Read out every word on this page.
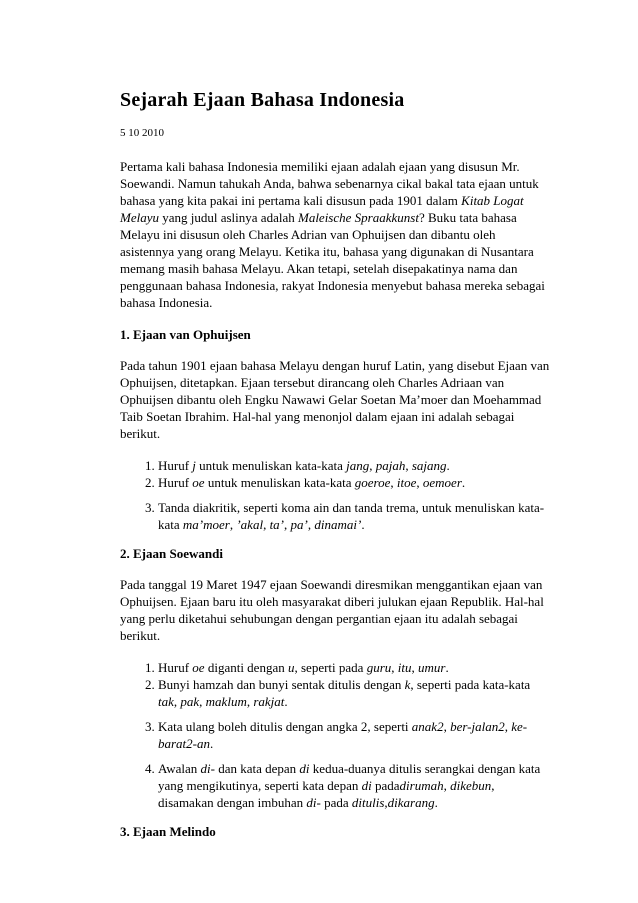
Sejarah Ejaan Bahasa Indonesia
5 10 2010

Pertama kali bahasa Indonesia memiliki ejaan adalah ejaan yang disusun Mr. Soewandi. Namun tahukah Anda, bahwa sebenarnya cikal bakal tata ejaan untuk bahasa yang kita pakai ini pertama kali disusun pada 1901 dalam Kitab Logat Melayu yang judul aslinya adalah Maleische Spraakkunst? Buku tata bahasa Melayu ini disusun oleh Charles Adrian van Ophuijsen dan dibantu oleh asistennya yang orang Melayu. Ketika itu, bahasa yang digunakan di Nusantara memang masih bahasa Melayu. Akan tetapi, setelah disepakatinya nama dan penggunaan bahasa Indonesia, rakyat Indonesia menyebut bahasa mereka sebagai bahasa Indonesia.

1. Ejaan van Ophuijsen

Pada tahun 1901 ejaan bahasa Melayu dengan huruf Latin, yang disebut Ejaan van Ophuijsen, ditetapkan. Ejaan tersebut dirancang oleh Charles Adriaan van Ophuijsen dibantu oleh Engku Nawawi Gelar Soetan Ma’moer dan Moehammad Taib Soetan Ibrahim. Hal-hal yang menonjol dalam ejaan ini adalah sebagai berikut.

1. Huruf j untuk menuliskan kata-kata jang, pajah, sajang.
2. Huruf oe untuk menuliskan kata-kata goeroe, itoe, oemoer.
3. Tanda diakritik, seperti koma ain dan tanda trema, untuk menuliskan kata-kata ma’moer, ’akal, ta’, pa’, dinamai’.
2. Ejaan Soewandi

Pada tanggal 19 Maret 1947 ejaan Soewandi diresmikan menggantikan ejaan van Ophuijsen. Ejaan baru itu oleh masyarakat diberi julukan ejaan Republik. Hal-hal yang perlu diketahui sehubungan dengan pergantian ejaan itu adalah sebagai berikut.

1. Huruf oe diganti dengan u, seperti pada guru, itu, umur.
2. Bunyi hamzah dan bunyi sentak ditulis dengan k, seperti pada kata-kata tak, pak, maklum, rakjat.
3. Kata ulang boleh ditulis dengan angka 2, seperti anak2, ber-jalan2, ke-barat2-an.
4. Awalan di- dan kata depan di kedua-duanya ditulis serangkai dengan kata yang mengikutinya, seperti kata depan di padadirumah, dikebun, disamakan dengan imbuhan di- pada ditulis,dikarang.
3. Ejaan Melindo
